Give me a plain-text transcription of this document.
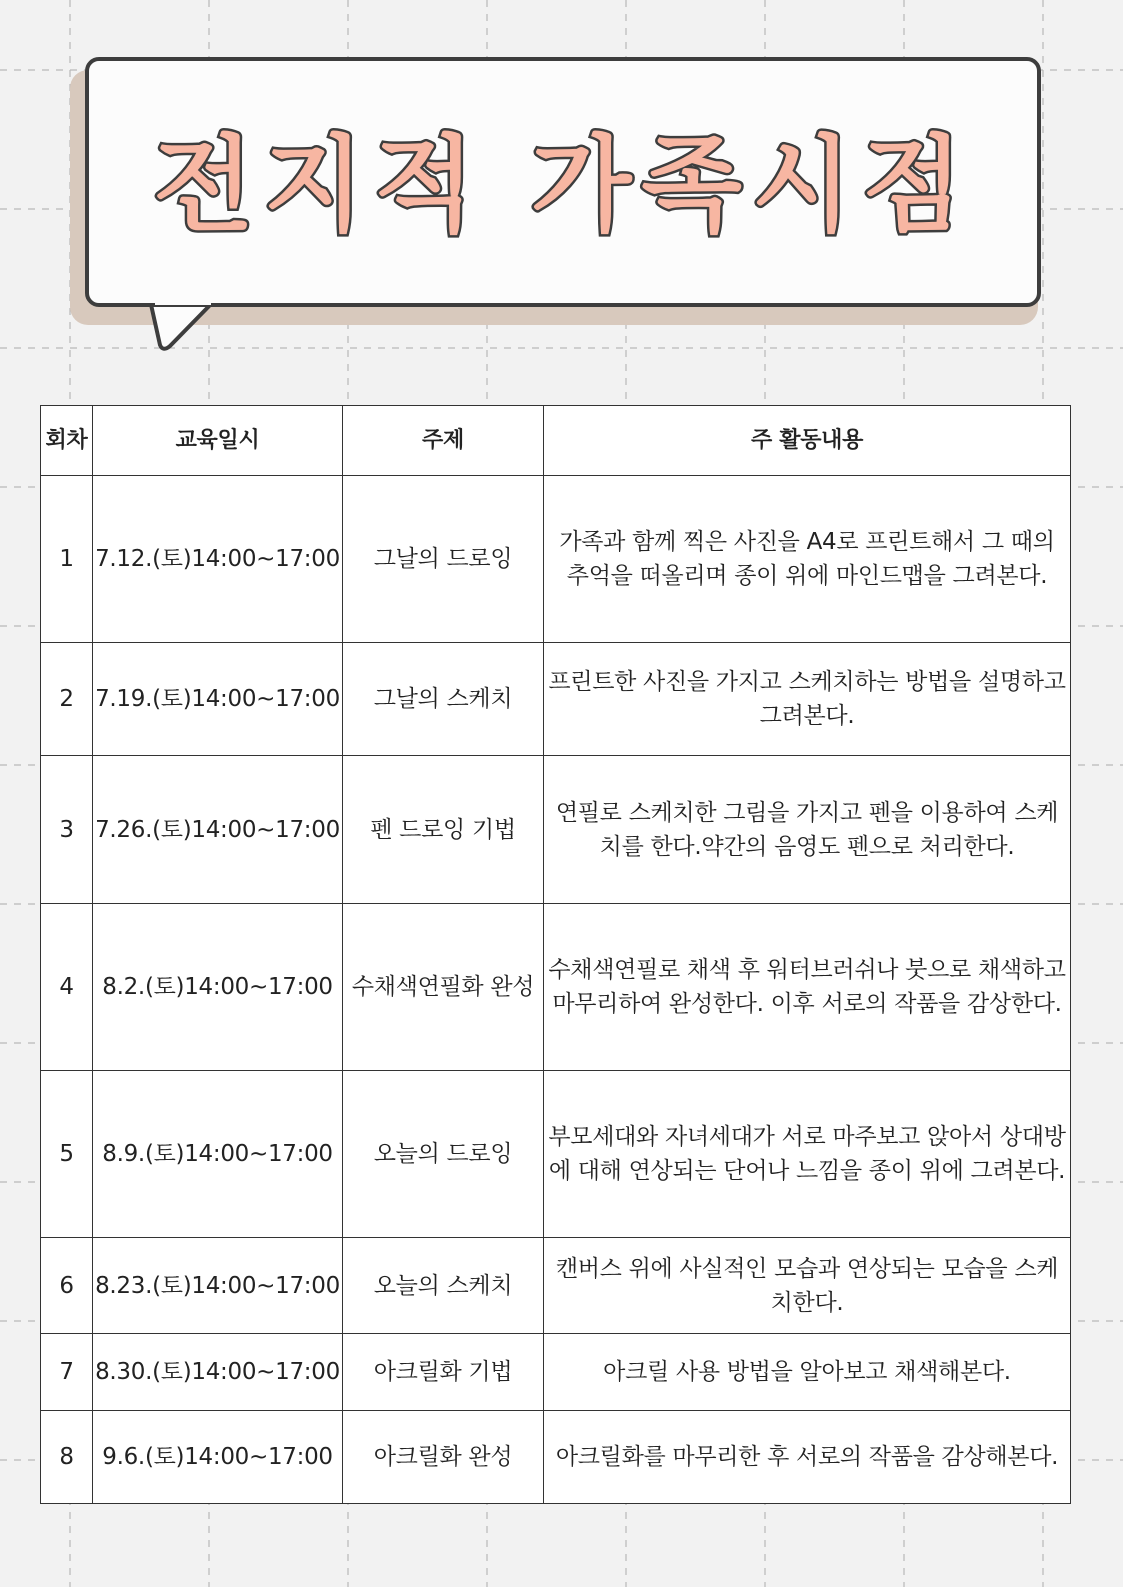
전지적 가족시점
회차	교육일시	주제	주 활동내용
1	7.12.(토)14:00~17:00	그날의 드로잉	가족과 함께 찍은 사진을 A4로 프린트해서 그 때의 추억을 떠올리며 종이 위에 마인드맵을 그려본다.
2	7.19.(토)14:00~17:00	그날의 스케치	프린트한 사진을 가지고 스케치하는 방법을 설명하고 그려본다.
3	7.26.(토)14:00~17:00	펜 드로잉 기법	연필로 스케치한 그림을 가지고 펜을 이용하여 스케치를 한다.약간의 음영도 펜으로 처리한다.
4	8.2.(토)14:00~17:00	수채색연필화 완성	수채색연필로 채색 후 워터브러쉬나 붓으로 채색하고 마무리하여 완성한다. 이후 서로의 작품을 감상한다.
5	8.9.(토)14:00~17:00	오늘의 드로잉	부모세대와 자녀세대가 서로 마주보고 앉아서 상대방에 대해 연상되는 단어나 느낌을 종이 위에 그려본다.
6	8.23.(토)14:00~17:00	오늘의 스케치	캔버스 위에 사실적인 모습과 연상되는 모습을 스케치한다.
7	8.30.(토)14:00~17:00	아크릴화 기법	아크릴 사용 방법을 알아보고 채색해본다.
8	9.6.(토)14:00~17:00	아크릴화 완성	아크릴화를 마무리한 후 서로의 작품을 감상해본다.
